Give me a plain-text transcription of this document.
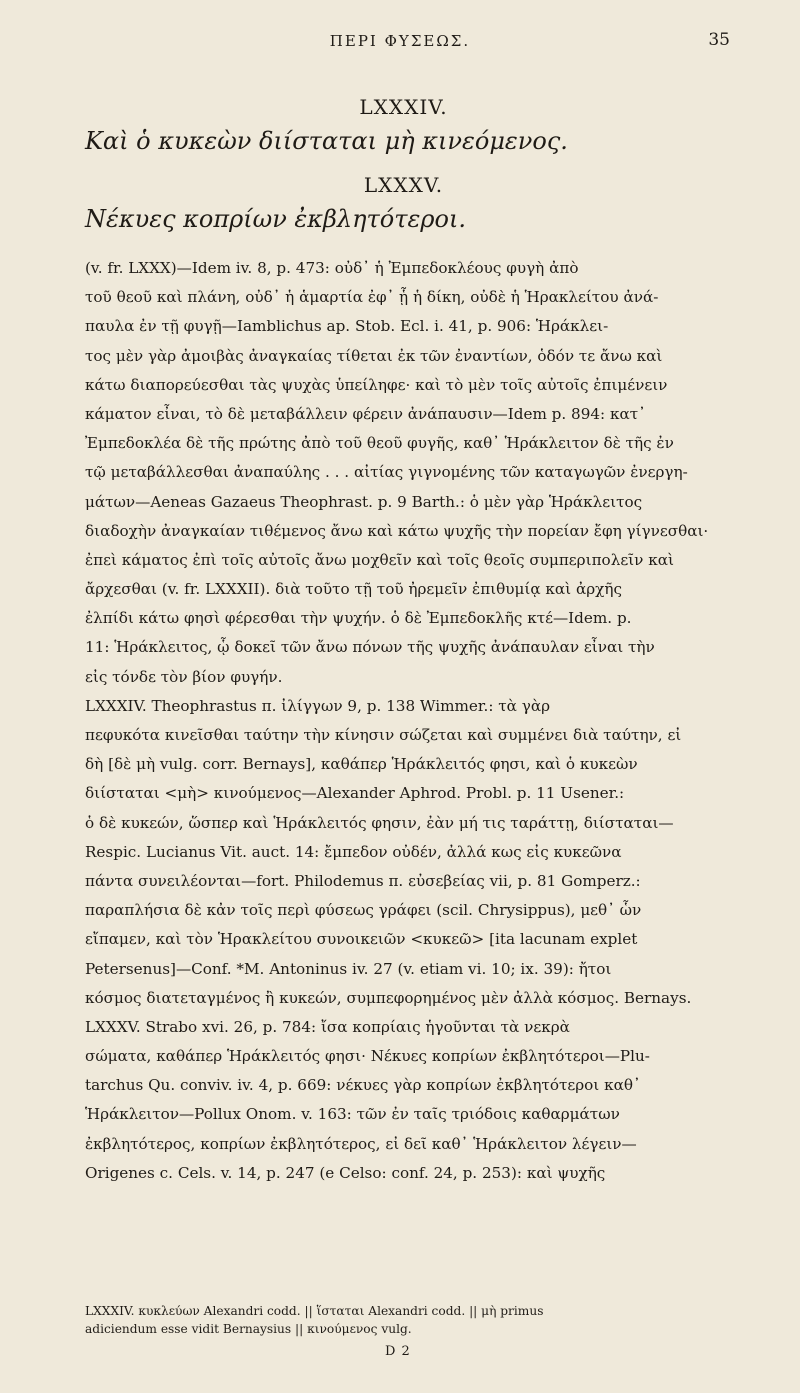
ΠΕΡΙ ΦΥΣΕΩΣ.	35
LXXXIV.
Καὶ ὁ κυκεὼν διίσταται μὴ κινεόμενος.
LXXXV.
Νέκυες κοπρίων ἐκβλητότεροι.
(v. fr. LXXX)—Idem iv. 8, p. 473: οὐδ᾽ ἡ Ἐμπεδοκλέους φυγὴ ἀπὸ
τοῦ θεοῦ καὶ πλάνη, οὐδ᾽ ἡ ἁμαρτία ἐφ᾽ ᾗ ἡ δίκη, οὐδὲ ἡ Ἡρακλείτου ἀνά-
παυλα ἐν τῇ φυγῇ—Iamblichus ap. Stob. Ecl. i. 41, p. 906: Ἡράκλει-
τος μὲν γὰρ ἀμοιβὰς ἀναγκαίας τίθεται ἐκ τῶν ἐναντίων, ὁδόν τε ἄνω καὶ
κάτω διαπορεύεσθαι τὰς ψυχὰς ὑπείληφε· καὶ τὸ μὲν τοῖς αὐτοῖς ἐπιμένειν
κάματον εἶναι, τὸ δὲ μεταβάλλειν φέρειν ἀνάπαυσιν—Idem p. 894: κατ᾽
Ἐμπεδοκλέα δὲ τῆς πρώτης ἀπὸ τοῦ θεοῦ φυγῆς, καθ᾽ Ἡράκλειτον δὲ τῆς ἐν
τῷ μεταβάλλεσθαι ἀναπαύλης . . . αἰτίας γιγνομένης τῶν καταγωγῶν ἐνεργη-
μάτων—Aeneas Gazaeus Theophrast. p. 9 Barth.: ὁ μὲν γὰρ Ἡράκλειτος
διαδοχὴν ἀναγκαίαν τιθέμενος ἄνω καὶ κάτω ψυχῆς τὴν πορείαν ἔφη γίγνεσθαι·
ἐπεὶ κάματος ἐπὶ τοῖς αὐτοῖς ἄνω μοχθεῖν καὶ τοῖς θεοῖς συμπεριπολεῖν καὶ
ἄρχεσθαι (v. fr. LXXXII). διὰ τοῦτο τῇ τοῦ ἠρεμεῖν ἐπιθυμίᾳ καὶ ἀρχῆς
ἐλπίδι κάτω φησὶ φέρεσθαι τὴν ψυχήν. ὁ δὲ Ἐμπεδοκλῆς κτέ—Idem. p.
11: Ἡράκλειτος, ᾧ δοκεῖ τῶν ἄνω πόνων τῆς ψυχῆς ἀνάπαυλαν εἶναι τὴν
εἰς τόνδε τὸν βίον φυγήν.
LXXXIV. Theophrastus π. ἰλίγγων 9, p. 138 Wimmer.: τὰ γὰρ
πεφυκότα κινεῖσθαι ταύτην τὴν κίνησιν σώζεται καὶ συμμένει διὰ ταύτην, εἰ
δὴ [δὲ μὴ vulg. corr. Bernays], καθάπερ Ἡράκλειτός φησι, καὶ ὁ κυκεὼν
διίσταται <μὴ> κινούμενος—Alexander Aphrod. Probl. p. 11 Usener.:
ὁ δὲ κυκεών, ὥσπερ καὶ Ἡράκλειτός φησιν, ἐὰν μή τις ταράττῃ, διίσταται—
Respic. Lucianus Vit. auct. 14: ἔμπεδον οὐδέν, ἀλλά κως εἰς κυκεῶνα
πάντα συνειλέονται—fort. Philodemus π. εὐσεβείας vii, p. 81 Gomperz.:
παραπλήσια δὲ κἀν τοῖς περὶ φύσεως γράφει (scil. Chrysippus), μεθ᾽ ὧν
εἴπαμεν, καὶ τὸν Ἡρακλείτου συνοικειῶν <κυκεῶ> [ita lacunam explet
Petersenus]—Conf. *M. Antoninus iv. 27 (v. etiam vi. 10; ix. 39): ἤτοι
κόσμος διατεταγμένος ἢ κυκεών, συμπεφορημένος μὲν ἀλλὰ κόσμος. Bernays.
LXXXV. Strabo xvi. 26, p. 784: ἴσα κοπρίαις ἡγοῦνται τὰ νεκρὰ
σώματα, καθάπερ Ἡράκλειτός φησι· Νέκυες κοπρίων ἐκβλητότεροι—Plu-
tarchus Qu. conviv. iv. 4, p. 669: νέκυες γὰρ κοπρίων ἐκβλητότεροι καθ᾽
Ἡράκλειτον—Pollux Onom. v. 163: τῶν ἐν ταῖς τριόδοις καθαρμάτων
ἐκβλητότερος, κοπρίων ἐκβλητότερος, εἰ δεῖ καθ᾽ Ἡράκλειτον λέγειν—
Origenes c. Cels. v. 14, p. 247 (e Celso: conf. 24, p. 253): καὶ ψυχῆς
LXXXIV. κυκλεύων Alexandri codd. || ἵσταται Alexandri codd. || μὴ primus
adiciendum esse vidit Bernaysius || κινούμενος vulg.
D 2
